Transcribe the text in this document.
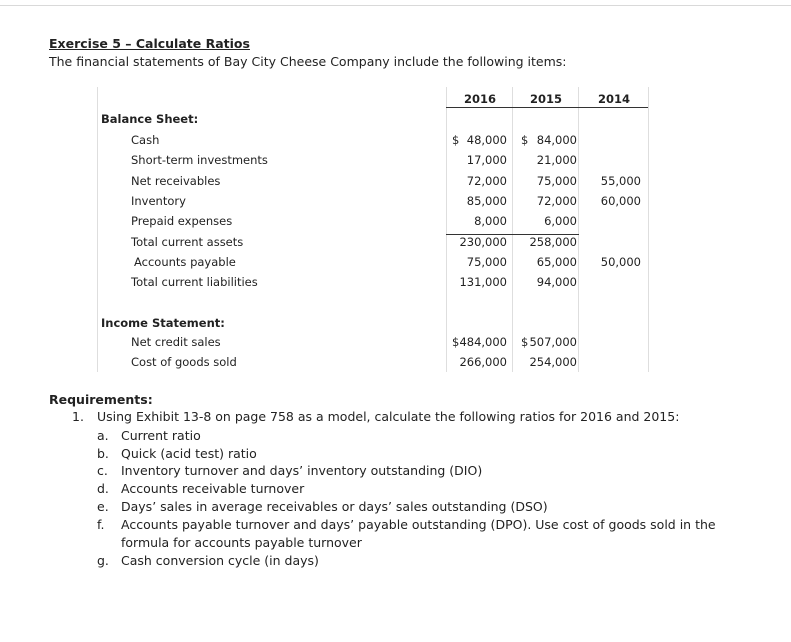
Exercise 5 – Calculate Ratios
The financial statements of Bay City Cheese Company include the following items:
2016	2015	2014
Balance Sheet:
Cash	$ 48,000 $ 84,000
Short-term investments	17,000	21,000
Net receivables	72,000	75,000	55,000
Inventory	85,000	72,000	60,000
Prepaid expenses	8,000	6,000
Total current assets	230,000	258,000
Accounts payable	75,000	65,000	50,000
Total current liabilities	131,000	94,000
Income Statement:
Net credit sales	$ 484,000 $ 507,000
Cost of goods sold	266,000	254,000
Requirements:
1. Using Exhibit 13-8 on page 758 as a model, calculate the following ratios for 2016 and 2015:
a. Current ratio
b. Quick (acid test) ratio
c. Inventory turnover and days’ inventory outstanding (DIO)
d. Accounts receivable turnover
e. Days’ sales in average receivables or days’ sales outstanding (DSO)
f. Accounts payable turnover and days’ payable outstanding (DPO). Use cost of goods sold in the
formula for accounts payable turnover
g. Cash conversion cycle (in days)
